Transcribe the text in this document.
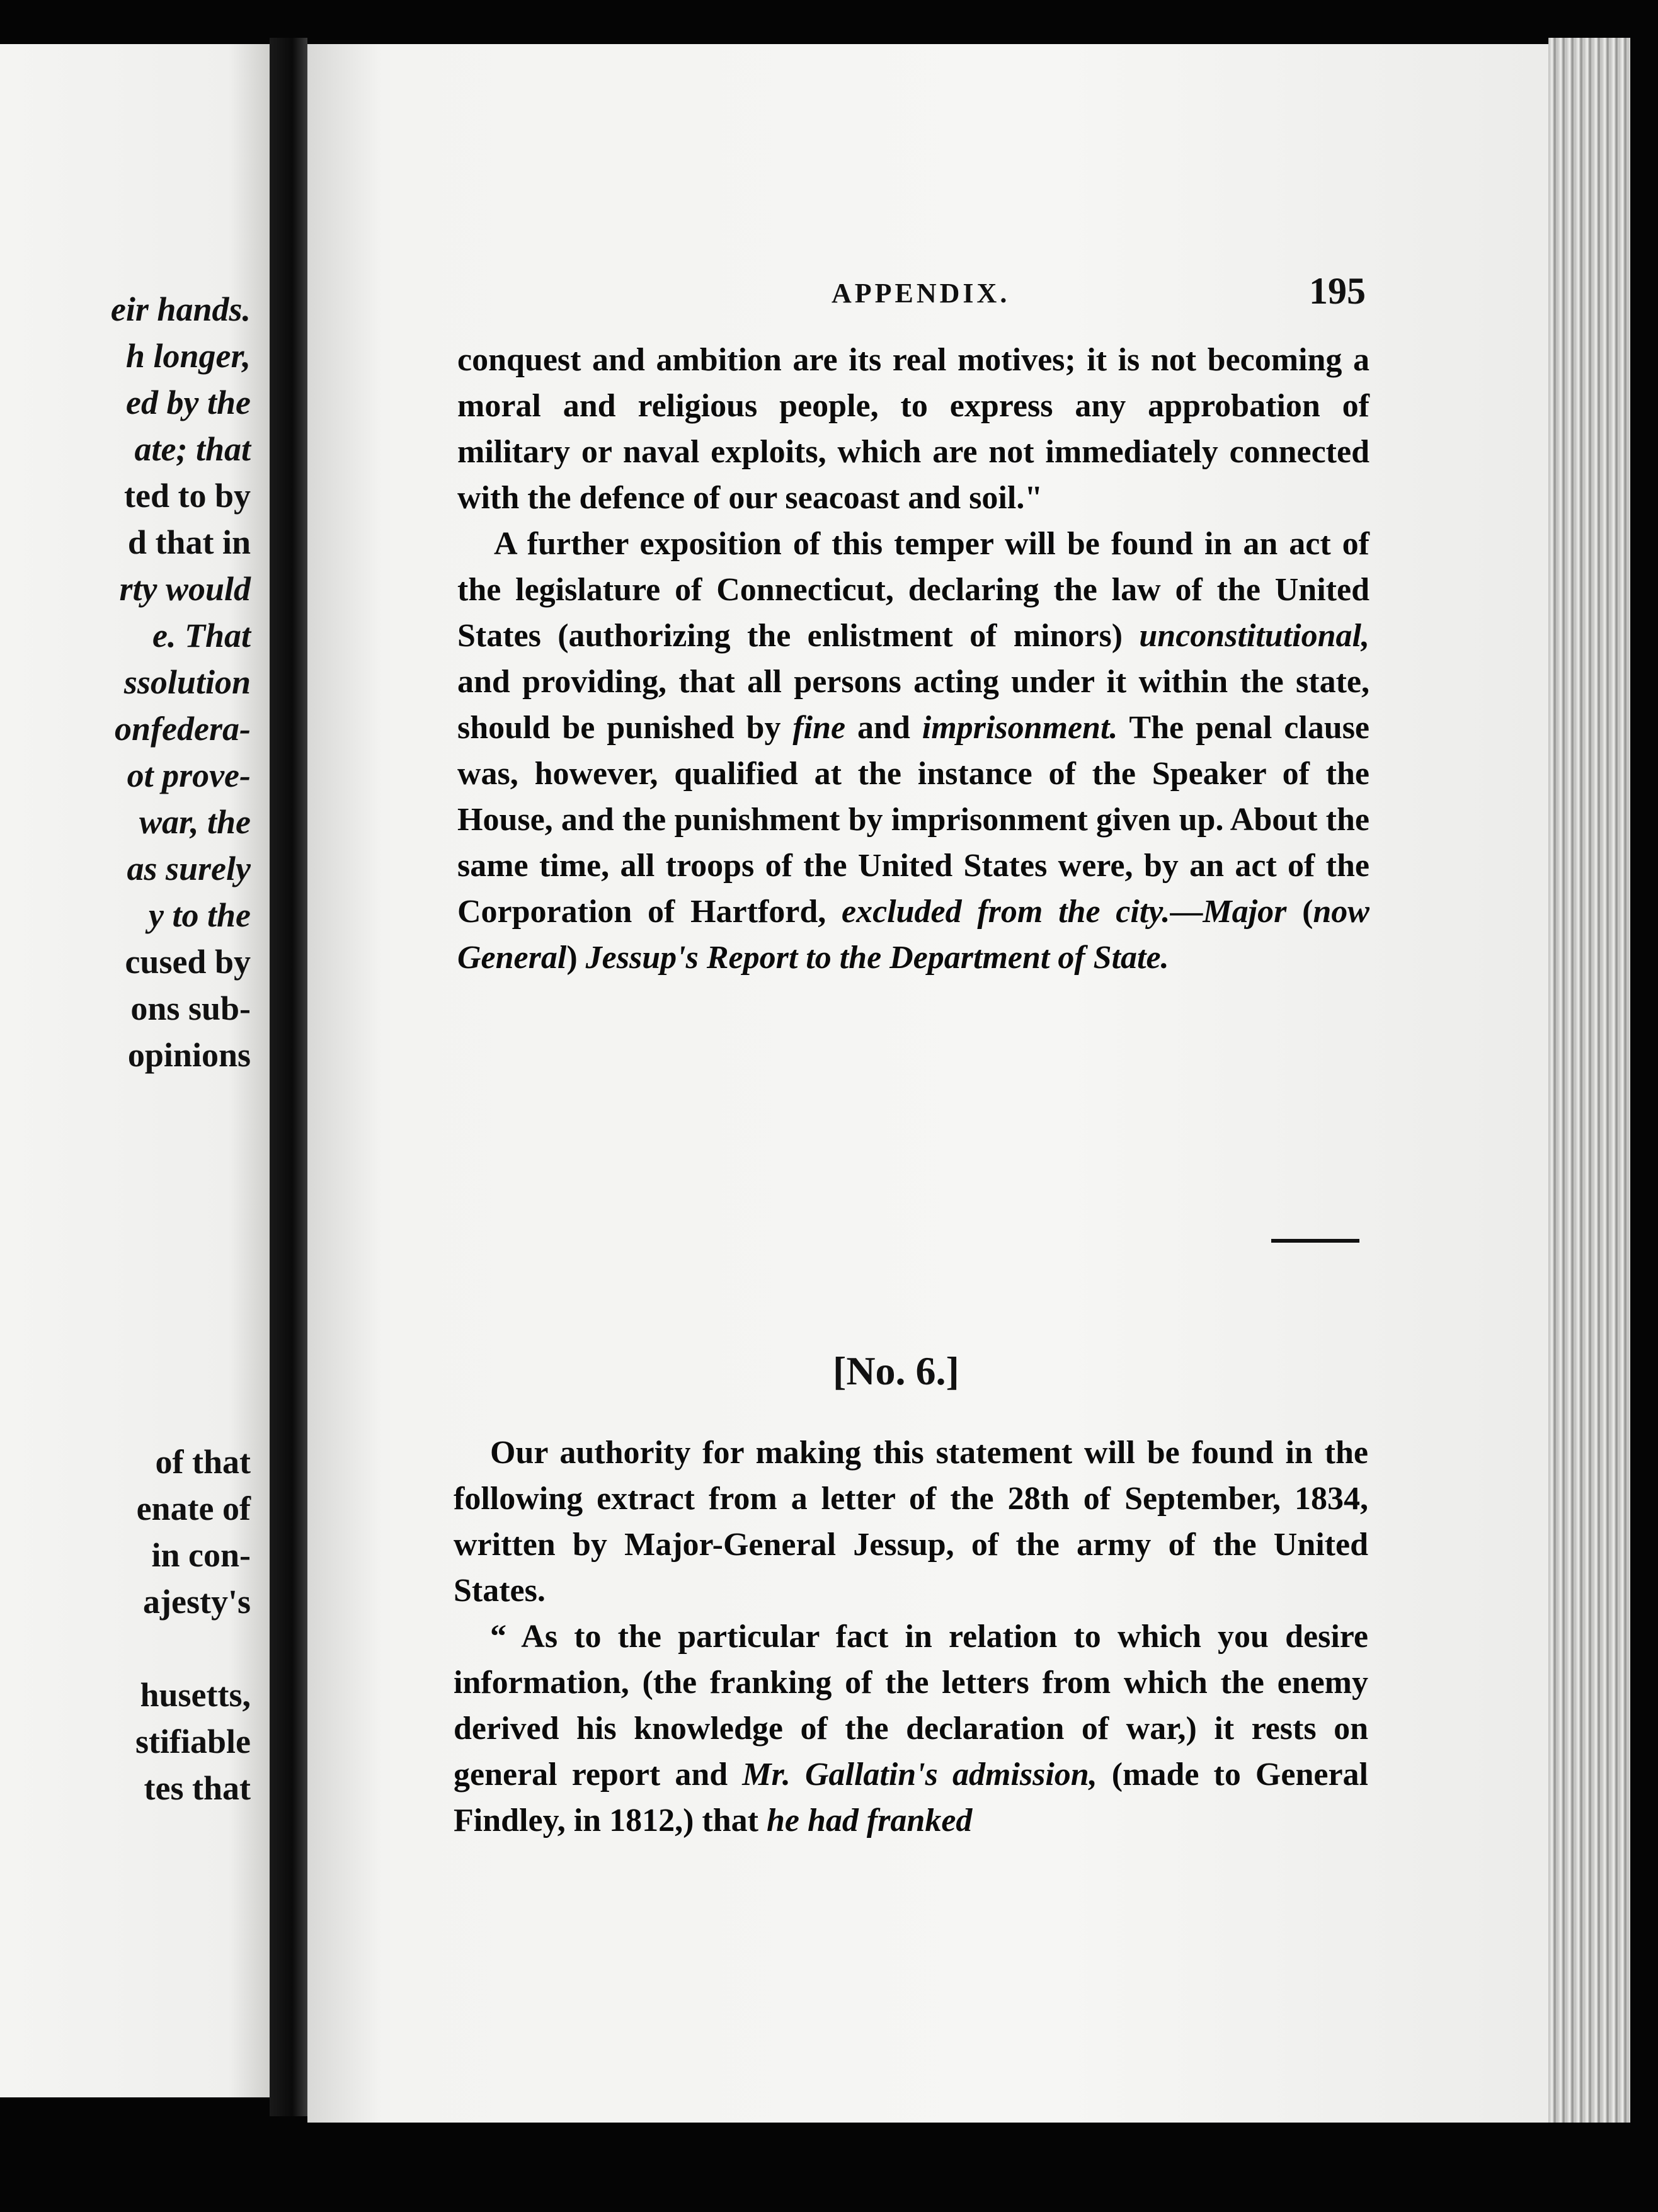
eir hands.
h longer,
ed by the
ate; that
ted to by
d that in
rty would
e. That
ssolution
onfedera-
ot prove-
war, the
as surely
y to the
cused by
ons sub-
opinions
of that
enate of
in con-
ajesty's
husetts,
stifiable
tes that
APPENDIX.	195

conquest and ambition are its real motives; it is not becoming a moral and religious people, to express any approbation of military or naval exploits, which are not immediately connected with the defence of our seacoast and soil."

A further exposition of this temper will be found in an act of the legislature of Connecticut, declaring the law of the United States (authorizing the enlistment of minors) unconstitutional, and providing, that all persons acting under it within the state, should be punished by fine and imprisonment. The penal clause was, however, qualified at the instance of the Speaker of the House, and the punishment by imprisonment given up. About the same time, all troops of the United States were, by an act of the Corporation of Hartford, excluded from the city.—Major (now General) Jessup's Report to the Department of State.

[No. 6.]

Our authority for making this statement will be found in the following extract from a letter of the 28th of September, 1834, written by Major-General Jessup, of the army of the United States.

“ As to the particular fact in relation to which you desire information, (the franking of the letters from which the enemy derived his knowledge of the declaration of war,) it rests on general report and Mr. Gallatin's admission, (made to General Findley, in 1812,) that he had franked
